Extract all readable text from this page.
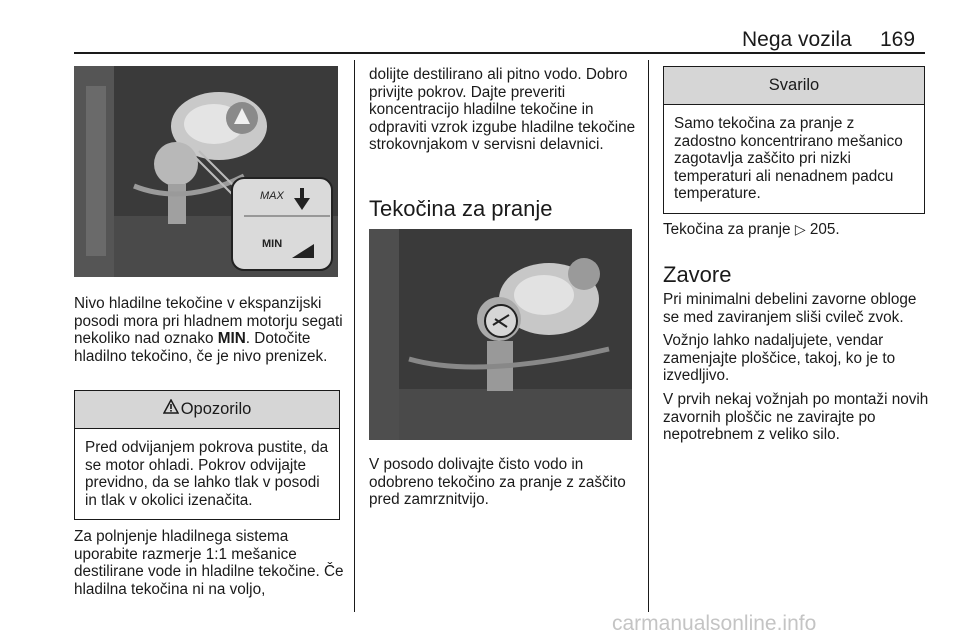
Nega vozila 169
MAX
MIN

Nivo hladilne tekočine v ekspanzijski posodi mora pri hladnem motorju segati nekoliko nad oznako MIN. Dotočite hladilno tekočino, če je nivo prenizek.

Opozorilo
Pred odvijanjem pokrova pustite, da se motor ohladi. Pokrov odvijajte previdno, da se lahko tlak v posodi in tlak v okolici izenačita.
Za polnjenje hladilnega sistema uporabite razmerje 1:1 mešanice destilirane vode in hladilne tekočine. Če hladilna tekočina ni na voljo,
dolijte destilirano ali pitno vodo. Dobro privijte pokrov. Dajte preveriti koncentracijo hladilne tekočine in odpraviti vzrok izgube hladilne tekočine strokovnjakom v servisni delavnici.
Tekočina za pranje
V posodo dolivajte čisto vodo in odobreno tekočino za pranje z zaščito pred zamrznitvijo.
Svarilo
Samo tekočina za pranje z zadostno koncentrirano mešanico zagotavlja zaščito pri nizki temperaturi ali nenadnem padcu temperature.

Tekočina za pranje ▷ 205.

Zavore
Pri minimalni debelini zavorne obloge se med zaviranjem sliši cvileč zvok.
Vožnjo lahko nadaljujete, vendar zamenjajte ploščice, takoj, ko je to izvedljivo.
V prvih nekaj vožnjah po montaži novih zavornih ploščic ne zavirajte po nepotrebnem z veliko silo.
carmanualsonline.info
